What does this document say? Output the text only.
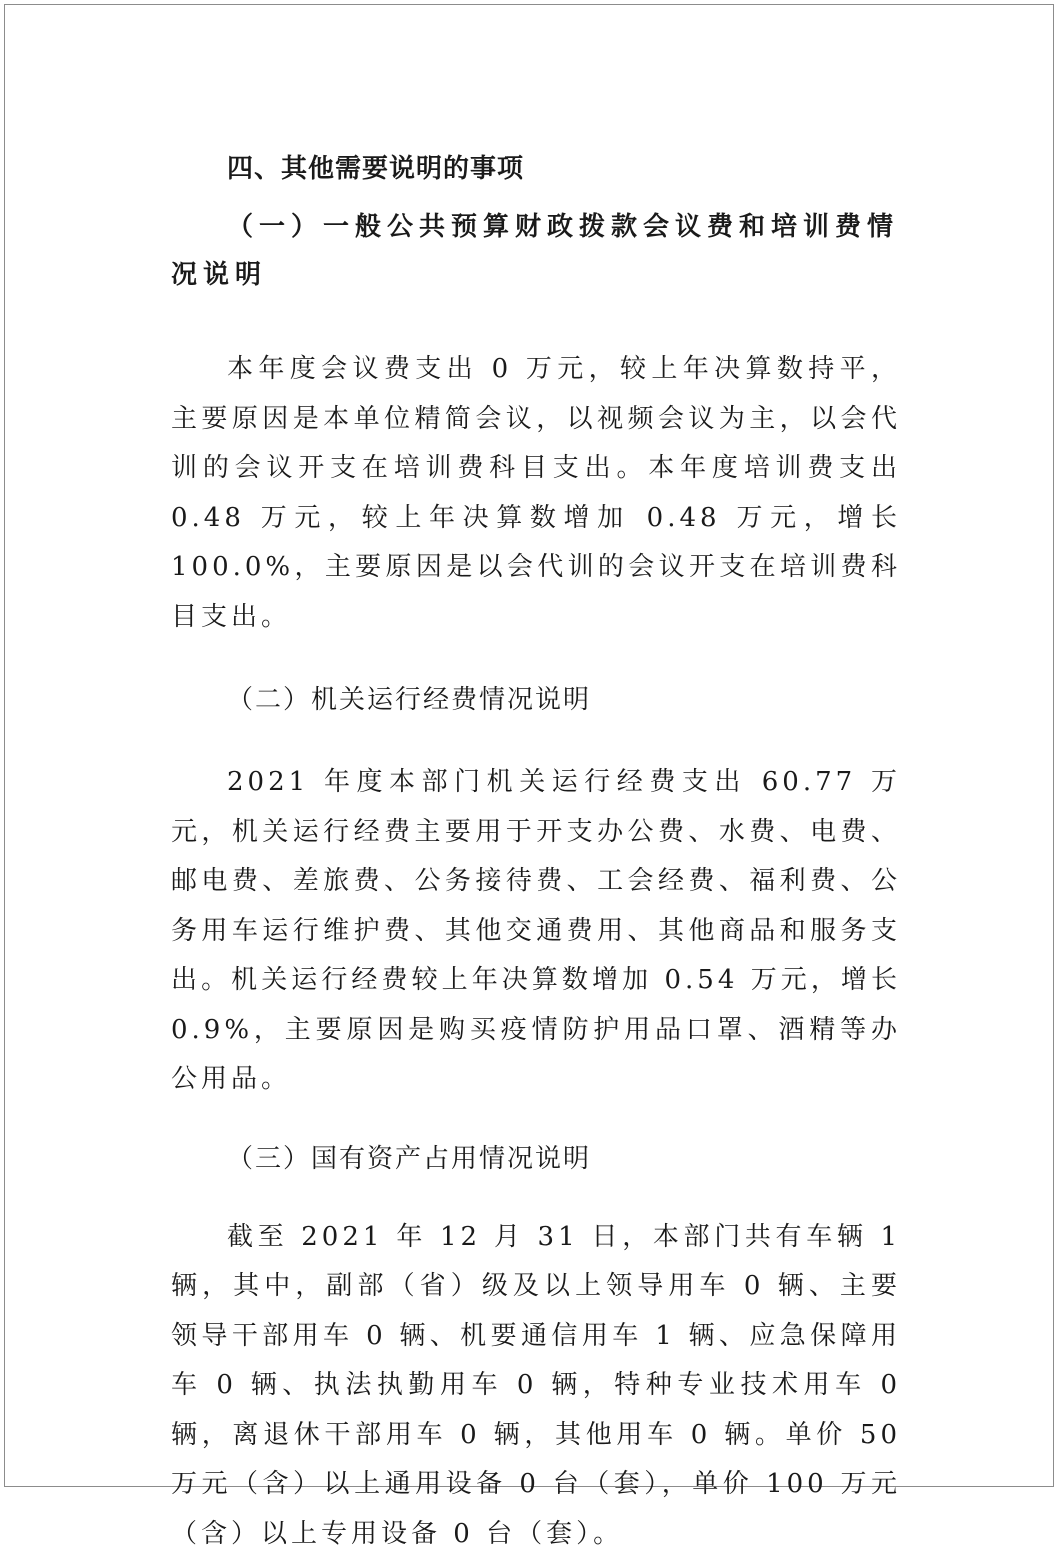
四、其他需要说明的事项

（一）一般公共预算财政拨款会议费和培训费情况说明

本年度会议费支出 0 万元，较上年决算数持平，主要原因是本单位精简会议，以视频会议为主，以会代训的会议开支在培训费科目支出。本年度培训费支出 0.48 万元，较上年决算数增加 0.48 万元，增长 100.0%，主要原因是以会代训的会议开支在培训费科目支出。

（二）机关运行经费情况说明

2021 年度本部门机关运行经费支出 60.77 万元，机关运行经费主要用于开支办公费、水费、电费、邮电费、差旅费、公务接待费、工会经费、福利费、公务用车运行维护费、其他交通费用、其他商品和服务支出。机关运行经费较上年决算数增加 0.54 万元，增长 0.9%，主要原因是购买疫情防护用品口罩、酒精等办公用品。

（三）国有资产占用情况说明

截至 2021 年 12 月 31 日，本部门共有车辆 1 辆，其中，副部（省）级及以上领导用车 0 辆、主要领导干部用车 0 辆、机要通信用车 1 辆、应急保障用车 0 辆、执法执勤用车 0 辆，特种专业技术用车 0 辆，离退休干部用车 0 辆，其他用车 0 辆。单价 50 万元（含）以上通用设备 0 台（套），单价 100 万元（含）以上专用设备 0 台（套）。
